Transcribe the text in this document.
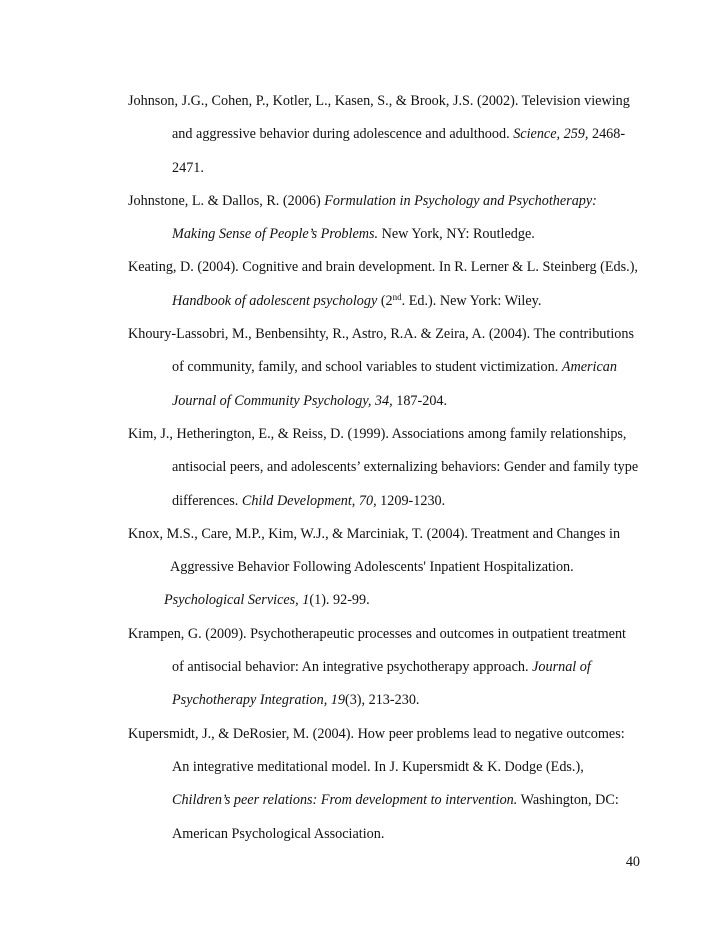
Johnson, J.G., Cohen, P., Kotler, L., Kasen, S., & Brook, J.S. (2002). Television viewing
and aggressive behavior during adolescence and adulthood. Science, 259, 2468-
2471.
Johnstone, L. & Dallos, R. (2006) Formulation in Psychology and Psychotherapy:
Making Sense of People’s Problems. New York, NY: Routledge.
Keating, D. (2004). Cognitive and brain development. In R. Lerner & L. Steinberg (Eds.),
Handbook of adolescent psychology (2nd. Ed.). New York: Wiley.
Khoury-Lassobri, M., Benbensihty, R., Astro, R.A. & Zeira, A. (2004). The contributions
of community, family, and school variables to student victimization. American
Journal of Community Psychology, 34, 187-204.
Kim, J., Hetherington, E., & Reiss, D. (1999). Associations among family relationships,
antisocial peers, and adolescents’ externalizing behaviors: Gender and family type
differences. Child Development, 70, 1209-1230.
Knox, M.S., Care, M.P., Kim, W.J., & Marciniak, T. (2004). Treatment and Changes in
Aggressive Behavior Following Adolescents' Inpatient Hospitalization.
Psychological Services, 1(1). 92-99.
Krampen, G. (2009). Psychotherapeutic processes and outcomes in outpatient treatment
of antisocial behavior: An integrative psychotherapy approach. Journal of
Psychotherapy Integration, 19(3), 213-230.
Kupersmidt, J., & DeRosier, M. (2004). How peer problems lead to negative outcomes:
An integrative meditational model. In J. Kupersmidt & K. Dodge (Eds.),
Children’s peer relations: From development to intervention. Washington, DC:
American Psychological Association.
40
